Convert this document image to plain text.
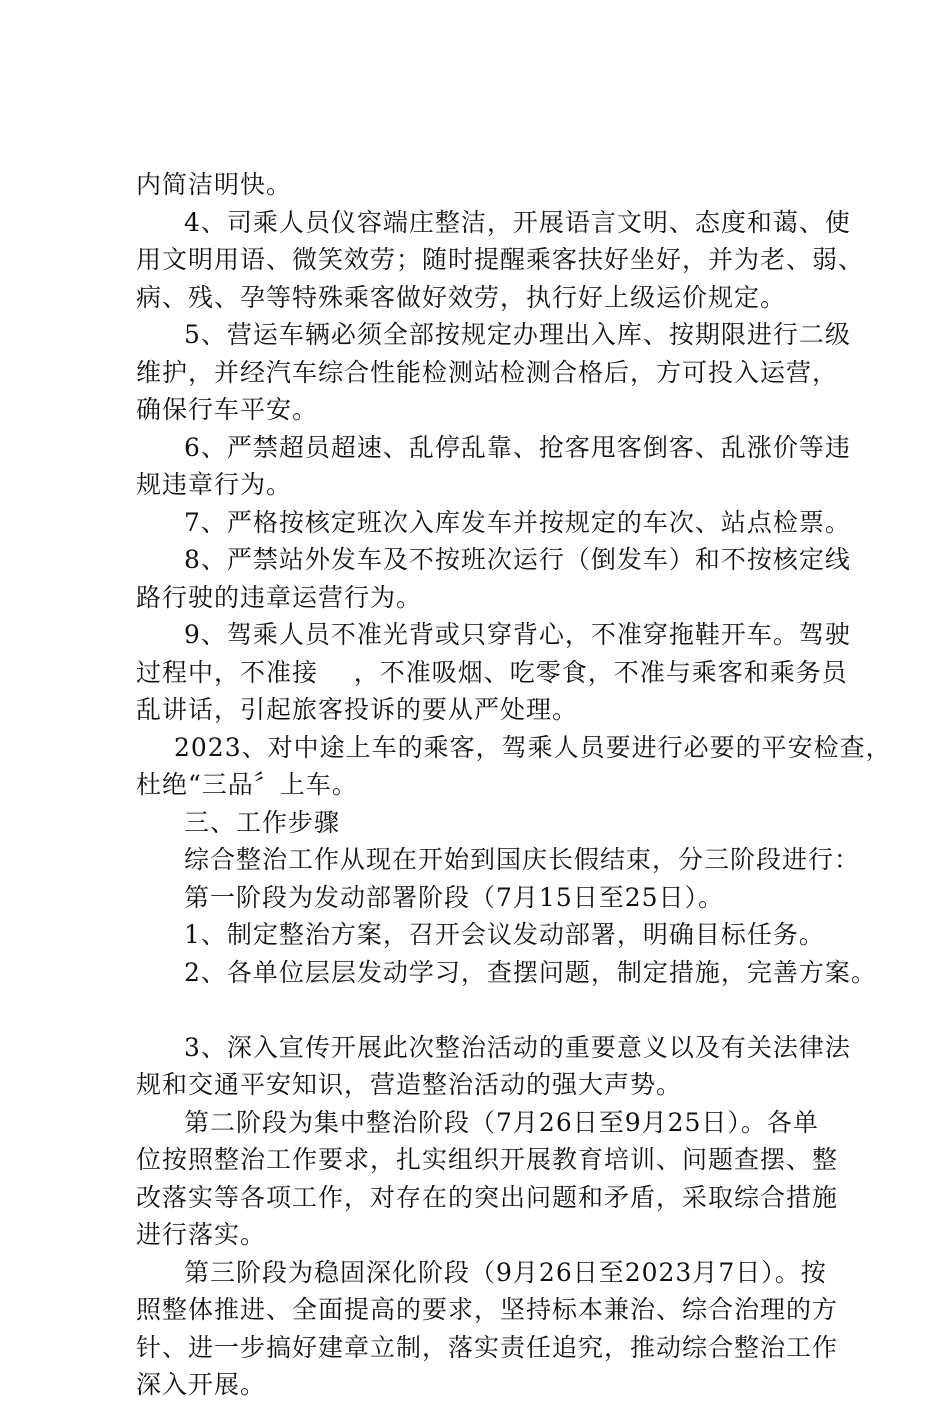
内简洁明快。
4、司乘人员仪容端庄整洁，开展语言文明、态度和蔼、使
用文明用语、微笑效劳；随时提醒乘客扶好坐好，并为老、弱、
病、残、孕等特殊乘客做好效劳，执行好上级运价规定。
5、营运车辆必须全部按规定办理出入库、按期限进行二级
维护，并经汽车综合性能检测站检测合格后，方可投入运营，
确保行车平安。
6、严禁超员超速、乱停乱靠、抢客甩客倒客、乱涨价等违
规违章行为。
7、严格按核定班次入库发车并按规定的车次、站点检票。
8、严禁站外发车及不按班次运行（倒发车）和不按核定线
路行驶的违章运营行为。
9、驾乘人员不准光背或只穿背心，不准穿拖鞋开车。驾驶
过程中，不准接    ，不准吸烟、吃零食，不准与乘客和乘务员
乱讲话，引起旅客投诉的要从严处理。
2023、对中途上车的乘客，驾乘人员要进行必要的平安检查，
杜绝“三品〞上车。
三、工作步骤
综合整治工作从现在开始到国庆长假结束，分三阶段进行：
第一阶段为发动部署阶段（7月15日至25日）。
1、制定整治方案，召开会议发动部署，明确目标任务。
2、各单位层层发动学习，查摆问题，制定措施，完善方案。
3、深入宣传开展此次整治活动的重要意义以及有关法律法
规和交通平安知识，营造整治活动的强大声势。
第二阶段为集中整治阶段（7月26日至9月25日）。各单
位按照整治工作要求，扎实组织开展教育培训、问题查摆、整
改落实等各项工作，对存在的突出问题和矛盾，采取综合措施
进行落实。
第三阶段为稳固深化阶段（9月26日至2023月7日）。按
照整体推进、全面提高的要求，坚持标本兼治、综合治理的方
针、进一步搞好建章立制，落实责任追究，推动综合整治工作
深入开展。
